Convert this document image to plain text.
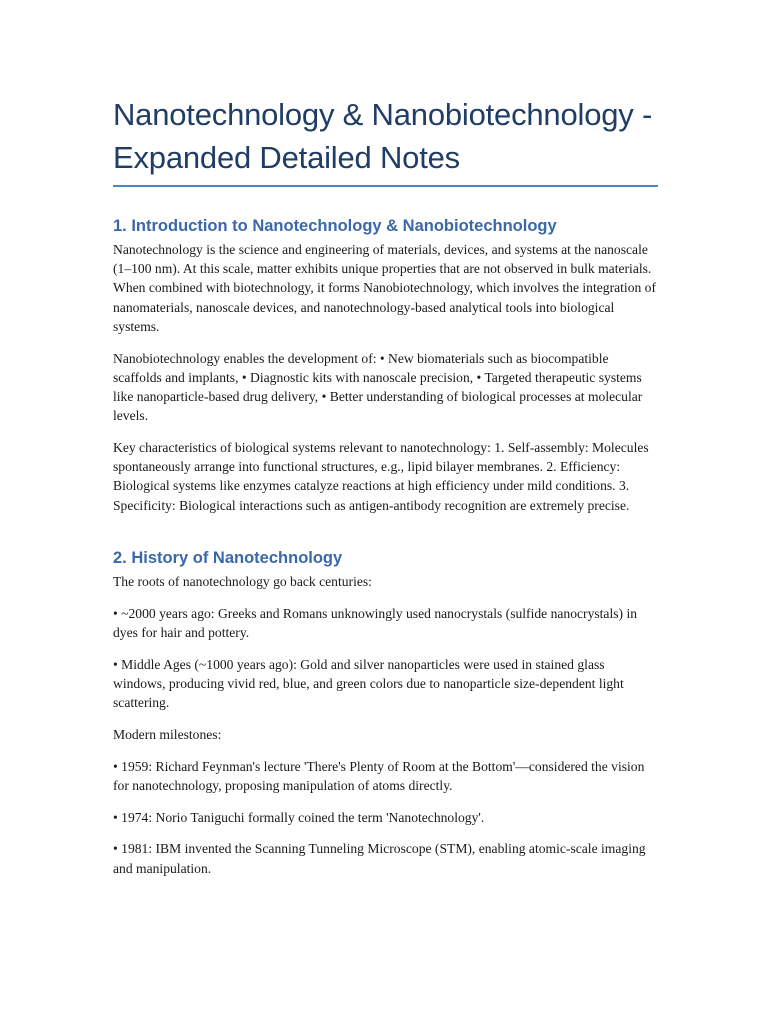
Nanotechnology & Nanobiotechnology - Expanded Detailed Notes
1. Introduction to Nanotechnology & Nanobiotechnology

Nanotechnology is the science and engineering of materials, devices, and systems at the nanoscale (1–100 nm). At this scale, matter exhibits unique properties that are not observed in bulk materials. When combined with biotechnology, it forms Nanobiotechnology, which involves the integration of nanomaterials, nanoscale devices, and nanotechnology-based analytical tools into biological systems.

Nanobiotechnology enables the development of: • New biomaterials such as biocompatible scaffolds and implants, • Diagnostic kits with nanoscale precision, • Targeted therapeutic systems like nanoparticle-based drug delivery, • Better understanding of biological processes at molecular levels.

Key characteristics of biological systems relevant to nanotechnology: 1. Self-assembly: Molecules spontaneously arrange into functional structures, e.g., lipid bilayer membranes. 2. Efficiency: Biological systems like enzymes catalyze reactions at high efficiency under mild conditions. 3. Specificity: Biological interactions such as antigen-antibody recognition are extremely precise.

2. History of Nanotechnology

The roots of nanotechnology go back centuries:

• ~2000 years ago: Greeks and Romans unknowingly used nanocrystals (sulfide nanocrystals) in dyes for hair and pottery.

• Middle Ages (~1000 years ago): Gold and silver nanoparticles were used in stained glass windows, producing vivid red, blue, and green colors due to nanoparticle size-dependent light scattering.

Modern milestones:

• 1959: Richard Feynman's lecture 'There's Plenty of Room at the Bottom'—considered the vision for nanotechnology, proposing manipulation of atoms directly.

• 1974: Norio Taniguchi formally coined the term 'Nanotechnology'.

• 1981: IBM invented the Scanning Tunneling Microscope (STM), enabling atomic-scale imaging and manipulation.
